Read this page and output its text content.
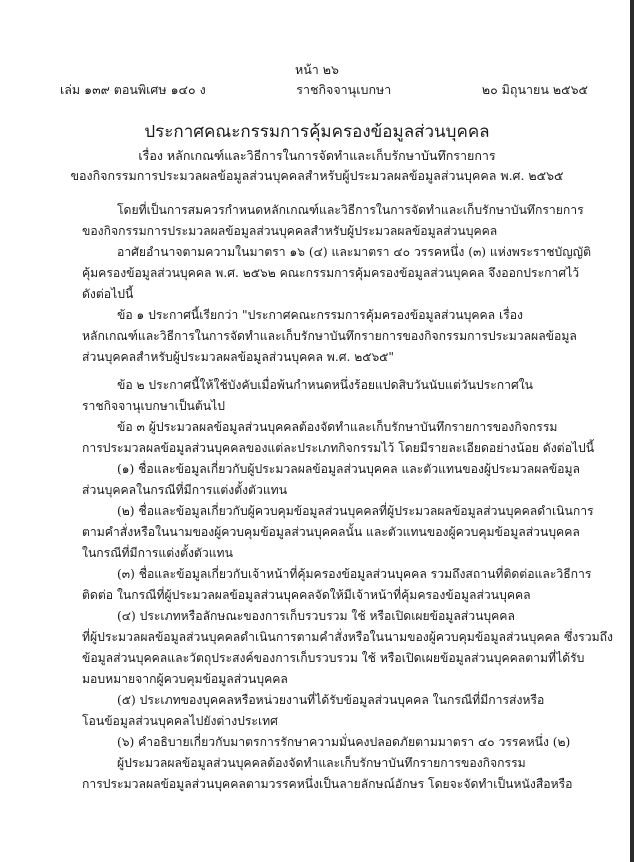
หน้า ๒๖
เล่ม ๑๓๙ ตอนพิเศษ ๑๔๐ ง	ราชกิจจานุเบกษา	๒๐ มิถุนายน ๒๕๖๕
ประกาศคณะกรรมการคุ้มครองข้อมูลส่วนบุคคล
เรื่อง หลักเกณฑ์และวิธีการในการจัดทำและเก็บรักษาบันทึกรายการ
ของกิจกรรมการประมวลผลข้อมูลส่วนบุคคลสำหรับผู้ประมวลผลข้อมูลส่วนบุคคล พ.ศ. ๒๕๖๕
โดยที่เป็นการสมควรกำหนดหลักเกณฑ์และวิธีการในการจัดทำและเก็บรักษาบันทึกรายการ
ของกิจกรรมการประมวลผลข้อมูลส่วนบุคคลสำหรับผู้ประมวลผลข้อมูลส่วนบุคคล
อาศัยอำนาจตามความในมาตรา ๑๖ (๔) และมาตรา ๔๐ วรรคหนึ่ง (๓) แห่งพระราชบัญญัติ
คุ้มครองข้อมูลส่วนบุคคล พ.ศ. ๒๕๖๒ คณะกรรมการคุ้มครองข้อมูลส่วนบุคคล จึงออกประกาศไว้
ดังต่อไปนี้
ข้อ ๑ ประกาศนี้เรียกว่า "ประกาศคณะกรรมการคุ้มครองข้อมูลส่วนบุคคล เรื่อง
หลักเกณฑ์และวิธีการในการจัดทำและเก็บรักษาบันทึกรายการของกิจกรรมการประมวลผลข้อมูล
ส่วนบุคคลสำหรับผู้ประมวลผลข้อมูลส่วนบุคคล พ.ศ. ๒๕๖๕"
ข้อ ๒ ประกาศนี้ให้ใช้บังคับเมื่อพ้นกำหนดหนึ่งร้อยแปดสิบวันนับแต่วันประกาศใน
ราชกิจจานุเบกษาเป็นต้นไป
ข้อ ๓ ผู้ประมวลผลข้อมูลส่วนบุคคลต้องจัดทำและเก็บรักษาบันทึกรายการของกิจกรรม
การประมวลผลข้อมูลส่วนบุคคลของแต่ละประเภทกิจกรรมไว้ โดยมีรายละเอียดอย่างน้อย ดังต่อไปนี้
(๑) ชื่อและข้อมูลเกี่ยวกับผู้ประมวลผลข้อมูลส่วนบุคคล และตัวแทนของผู้ประมวลผลข้อมูล
ส่วนบุคคลในกรณีที่มีการแต่งตั้งตัวแทน
(๒) ชื่อและข้อมูลเกี่ยวกับผู้ควบคุมข้อมูลส่วนบุคคลที่ผู้ประมวลผลข้อมูลส่วนบุคคลดำเนินการ
ตามคำสั่งหรือในนามของผู้ควบคุมข้อมูลส่วนบุคคลนั้น และตัวแทนของผู้ควบคุมข้อมูลส่วนบุคคล
ในกรณีที่มีการแต่งตั้งตัวแทน
(๓) ชื่อและข้อมูลเกี่ยวกับเจ้าหน้าที่คุ้มครองข้อมูลส่วนบุคคล รวมถึงสถานที่ติดต่อและวิธีการ
ติดต่อ ในกรณีที่ผู้ประมวลผลข้อมูลส่วนบุคคลจัดให้มีเจ้าหน้าที่คุ้มครองข้อมูลส่วนบุคคล
(๔) ประเภทหรือลักษณะของการเก็บรวบรวม ใช้ หรือเปิดเผยข้อมูลส่วนบุคคล
ที่ผู้ประมวลผลข้อมูลส่วนบุคคลดำเนินการตามคำสั่งหรือในนามของผู้ควบคุมข้อมูลส่วนบุคคล ซึ่งรวมถึง
ข้อมูลส่วนบุคคลและวัตถุประสงค์ของการเก็บรวบรวม ใช้ หรือเปิดเผยข้อมูลส่วนบุคคลตามที่ได้รับ
มอบหมายจากผู้ควบคุมข้อมูลส่วนบุคคล
(๕) ประเภทของบุคคลหรือหน่วยงานที่ได้รับข้อมูลส่วนบุคคล ในกรณีที่มีการส่งหรือ
โอนข้อมูลส่วนบุคคลไปยังต่างประเทศ
(๖) คำอธิบายเกี่ยวกับมาตรการรักษาความมั่นคงปลอดภัยตามมาตรา ๔๐ วรรคหนึ่ง (๒)
ผู้ประมวลผลข้อมูลส่วนบุคคลต้องจัดทำและเก็บรักษาบันทึกรายการของกิจกรรม
การประมวลผลข้อมูลส่วนบุคคลตามวรรคหนึ่งเป็นลายลักษณ์อักษร โดยจะจัดทำเป็นหนังสือหรือ
